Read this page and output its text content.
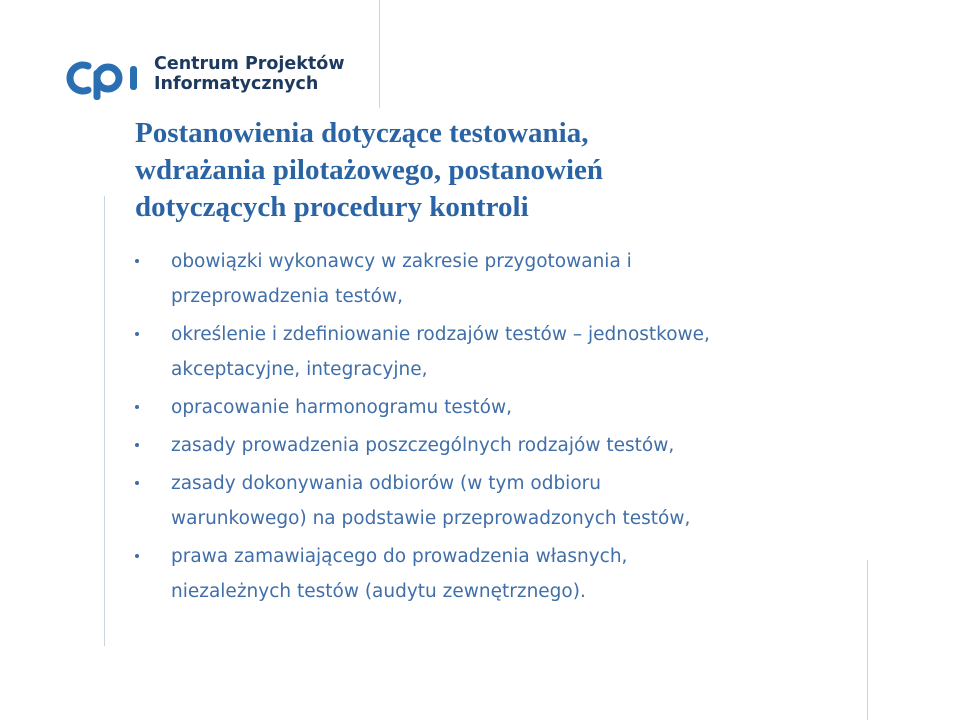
Centrum Projektów
Informatycznych
Postanowienia dotyczące testowania,
wdrażania pilotażowego, postanowień
dotyczących procedury kontroli
obowiązki wykonawcy w zakresie przygotowania i
przeprowadzenia testów,
określenie i zdefiniowanie rodzajów testów – jednostkowe,
akceptacyjne, integracyjne,
opracowanie harmonogramu testów,
zasady prowadzenia poszczególnych rodzajów testów,
zasady dokonywania odbiorów (w tym odbioru
warunkowego) na podstawie przeprowadzonych testów,
prawa zamawiającego do prowadzenia własnych,
niezależnych testów (audytu zewnętrznego).
